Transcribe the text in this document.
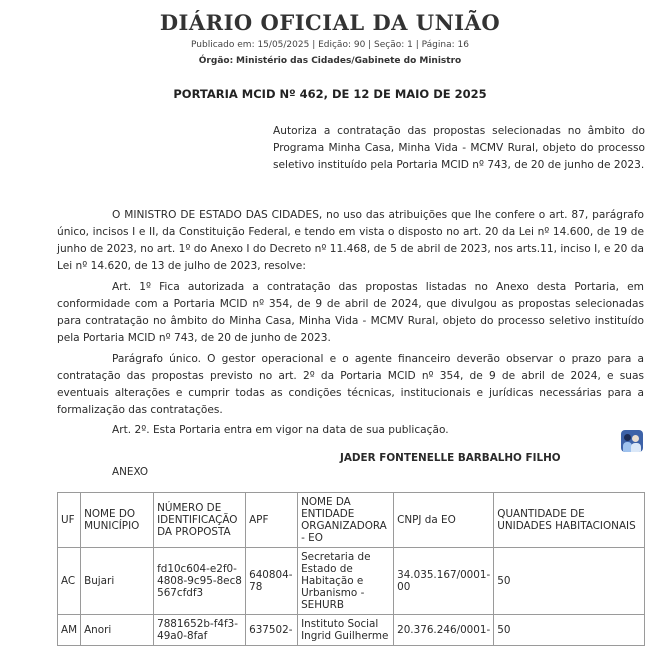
DIÁRIO OFICIAL DA UNIÃO
Publicado em: 15/05/2025 | Edição: 90 | Seção: 1 | Página: 16
Órgão: Ministério das Cidades/Gabinete do Ministro
PORTARIA MCID Nº 462, DE 12 DE MAIO DE 2025
Autoriza a contratação das propostas selecionadas no âmbito do Programa Minha Casa, Minha Vida - MCMV Rural, objeto do processo seletivo instituído pela Portaria MCID nº 743, de 20 de junho de 2023.
O MINISTRO DE ESTADO DAS CIDADES, no uso das atribuições que lhe confere o art. 87, parágrafo único, incisos I e II, da Constituição Federal, e tendo em vista o disposto no art. 20 da Lei nº 14.600, de 19 de junho de 2023, no art. 1º do Anexo I do Decreto nº 11.468, de 5 de abril de 2023, nos arts.11, inciso I, e 20 da Lei nº 14.620, de 13 de julho de 2023, resolve:
Art. 1º Fica autorizada a contratação das propostas listadas no Anexo desta Portaria, em conformidade com a Portaria MCID nº 354, de 9 de abril de 2024, que divulgou as propostas selecionadas para contratação no âmbito do Minha Casa, Minha Vida - MCMV Rural, objeto do processo seletivo instituído pela Portaria MCID nº 743, de 20 de junho de 2023.
Parágrafo único. O gestor operacional e o agente financeiro deverão observar o prazo para a contratação das propostas previsto no art. 2º da Portaria MCID nº 354, de 9 de abril de 2024, e suas eventuais alterações e cumprir todas as condições técnicas, institucionais e jurídicas necessárias para a formalização das contratações.
Art. 2º. Esta Portaria entra em vigor na data de sua publicação.
JADER FONTENELLE BARBALHO FILHO
ANEXO
UF	NOME DO MUNICÍPIO	NÚMERO DE IDENTIFICAÇÃO DA PROPOSTA	APF	NOME DA ENTIDADE ORGANIZADORA - EO	CNPJ da EO	QUANTIDADE DE UNIDADES HABITACIONAIS
AC	Bujari	fd10c604-e2f0-4808-9c95-8ec8567cfdf3	640804-78	Secretaria de Estado de Habitação e Urbanismo - SEHURB	34.035.167/0001-00	50
AM	Anori	7881652b-f4f3-49a0-8faf	637502-	Instituto Social Ingrid Guilherme	20.376.246/0001-	50
